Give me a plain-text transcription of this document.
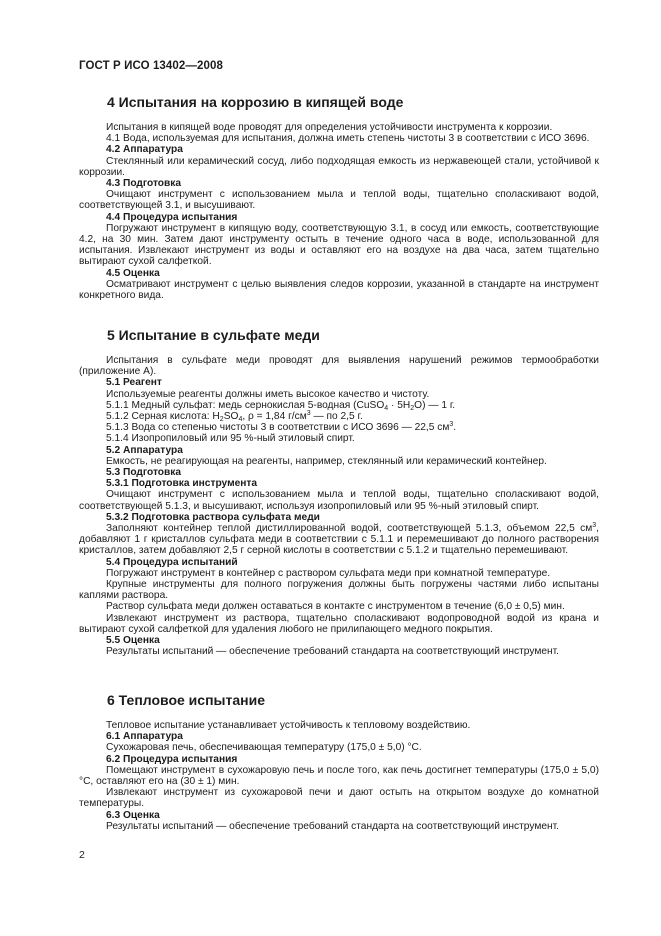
ГОСТ Р ИСО 13402—2008
4 Испытания на коррозию в кипящей воде

Испытания в кипящей воде проводят для определения устойчивости инструмента к коррозии.

4.1 Вода, используемая для испытания, должна иметь степень чистоты 3 в соответствии с ИСО 3696.

4.2 Аппаратура

Стеклянный или керамический сосуд, либо подходящая емкость из нержавеющей стали, устойчивой к коррозии.

4.3 Подготовка

Очищают инструмент с использованием мыла и теплой воды, тщательно споласкивают водой, соответствующей 3.1, и высушивают.

4.4 Процедура испытания

Погружают инструмент в кипящую воду, соответствующую 3.1, в сосуд или емкость, соответствующие 4.2, на 30 мин. Затем дают инструменту остыть в течение одного часа в воде, использованной для испытания. Извлекают инструмент из воды и оставляют его на воздухе на два часа, затем тщательно вытирают сухой салфеткой.

4.5 Оценка

Осматривают инструмент с целью выявления следов коррозии, указанной в стандарте на инструмент конкретного вида.

5 Испытание в сульфате меди

Испытания в сульфате меди проводят для выявления нарушений режимов термообработки (приложение А).

5.1 Реагент

Используемые реагенты должны иметь высокое качество и чистоту.

5.1.1 Медный сульфат: медь сернокислая 5-водная (CuSO$_4$ · $5H_2O$) — 1 г.

5.1.2 Серная кислота: $H_2SO_4$, ρ = 1,84 $г/см^3$ — по 2,5 г.

5.1.3 Вода со степенью чистоты 3 в соответствии с ИСО 3696 — 22,5 $см^3$.

5.1.4 Изопропиловый или 95 %-ный этиловый спирт.

5.2 Аппаратура

Емкость, не реагирующая на реагенты, например, стеклянный или керамический контейнер.

5.3 Подготовка

5.3.1 Подготовка инструмента

Очищают инструмент с использованием мыла и теплой воды, тщательно споласкивают водой, соответствующей 5.1.3, и высушивают, используя изопропиловый или 95 %-ный этиловый спирт.

5.3.2 Подготовка раствора сульфата меди

Заполняют контейнер теплой дистиллированной водой, соответствующей 5.1.3, объемом 22,5 $см^3$, добавляют 1 г кристаллов сульфата меди в соответствии с 5.1.1 и перемешивают до полного растворения кристаллов, затем добавляют 2,5 г серной кислоты в соответствии с 5.1.2 и тщательно перемешивают.

5.4 Процедура испытаний

Погружают инструмент в контейнер с раствором сульфата меди при комнатной температуре.

Крупные инструменты для полного погружения должны быть погружены частями либо испытаны каплями раствора.

Раствор сульфата меди должен оставаться в контакте с инструментом в течение (6,0 ± 0,5) мин.

Извлекают инструмент из раствора, тщательно споласкивают водопроводной водой из крана и вытирают сухой салфеткой для удаления любого не прилипающего медного покрытия.

5.5 Оценка

Результаты испытаний — обеспечение требований стандарта на соответствующий инструмент.

6 Тепловое испытание

Тепловое испытание устанавливает устойчивость к тепловому воздействию.

6.1 Аппаратура

Сухожаровая печь, обеспечивающая температуру (175,0 ± 5,0) °С.

6.2 Процедура испытания

Помещают инструмент в сухожаровую печь и после того, как печь достигнет температуры (175,0 ± 5,0) °С, оставляют его на (30 ± 1) мин.

Извлекают инструмент из сухожаровой печи и дают остыть на открытом воздухе до комнатной температуры.

6.3 Оценка

Результаты испытаний — обеспечение требований стандарта на соответствующий инструмент.

2
